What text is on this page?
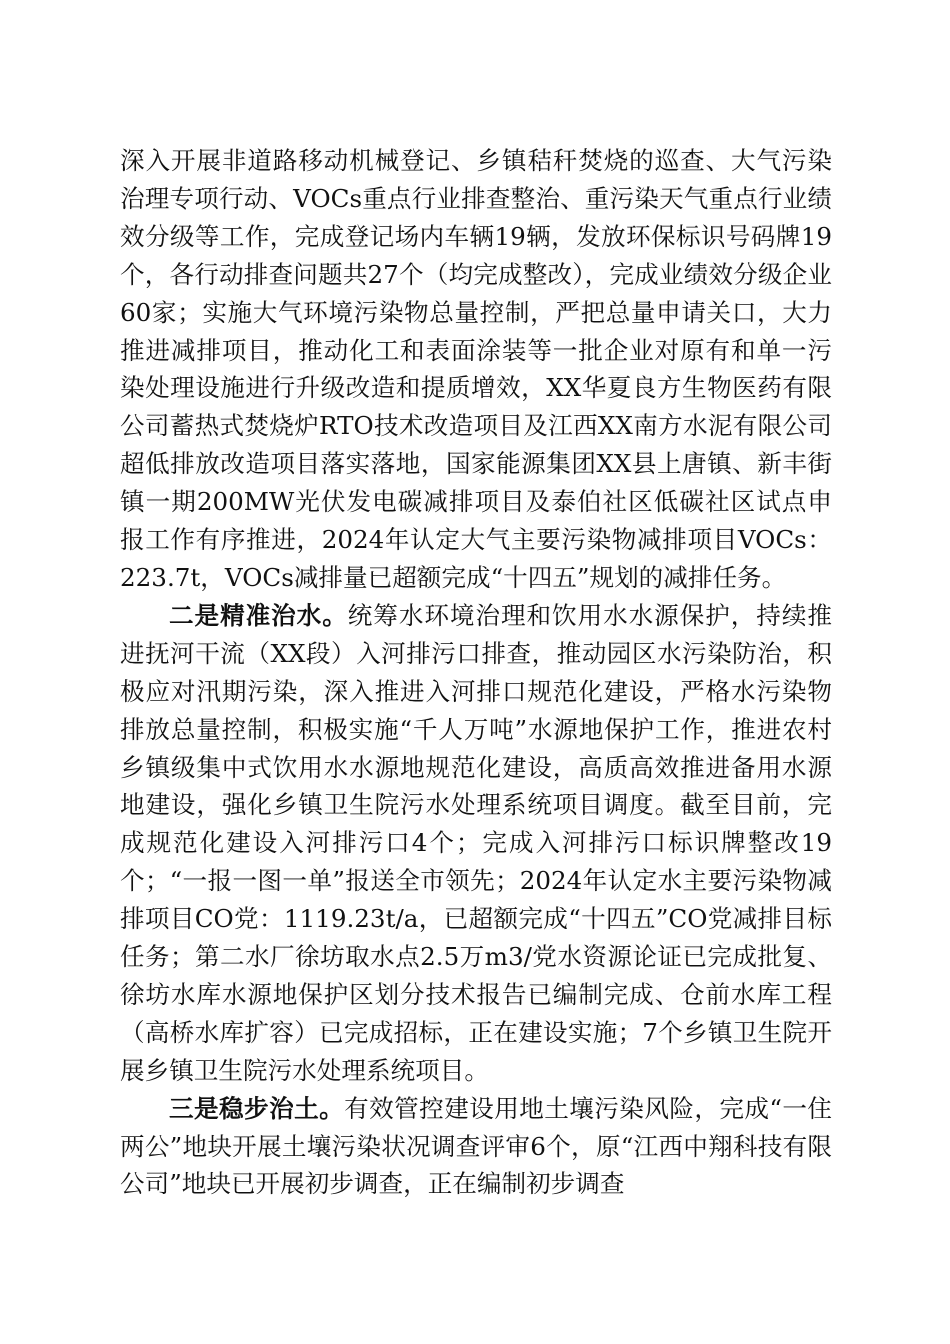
深入开展非道路移动机械登记、乡镇秸秆焚烧的巡查、大气污染治理专项行动、VOCs重点行业排查整治、重污染天气重点行业绩效分级等工作，完成登记场内车辆19辆，发放环保标识号码牌19个，各行动排查问题共27个（均完成整改），完成业绩效分级企业60家；实施大气环境污染物总量控制，严把总量申请关口，大力推进减排项目，推动化工和表面涂装等一批企业对原有和单一污染处理设施进行升级改造和提质增效，XX华夏良方生物医药有限公司蓄热式焚烧炉RTO技术改造项目及江西XX南方水泥有限公司超低排放改造项目落实落地，国家能源集团XX县上唐镇、新丰街镇一期200MW光伏发电碳减排项目及泰伯社区低碳社区试点申报工作有序推进，2024年认定大气主要污染物减排项目VOCs：223.7t，VOCs减排量已超额完成“十四五”规划的减排任务。

二是精准治水。统筹水环境治理和饮用水水源保护，持续推进抚河干流（XX段）入河排污口排查，推动园区水污染防治，积极应对汛期污染，深入推进入河排口规范化建设，严格水污染物排放总量控制，积极实施“千人万吨”水源地保护工作，推进农村乡镇级集中式饮用水水源地规范化建设，高质高效推进备用水源地建设，强化乡镇卫生院污水处理系统项目调度。截至目前，完成规范化建设入河排污口4个；完成入河排污口标识牌整改19个；“一报一图一单”报送全市领先；2024年认定水主要污染物减排项目CO党：1119.23t/a，已超额完成“十四五”CO党减排目标任务；第二水厂徐坊取水点2.5万m3/党水资源论证已完成批复、徐坊水库水源地保护区划分技术报告已编制完成、仓前水库工程（高桥水库扩容）已完成招标，正在建设实施；7个乡镇卫生院开展乡镇卫生院污水处理系统项目。

三是稳步治土。有效管控建设用地土壤污染风险，完成“一住两公”地块开展土壤污染状况调查评审6个，原“江西中翔科技有限公司”地块已开展初步调查，正在编制初步调查
